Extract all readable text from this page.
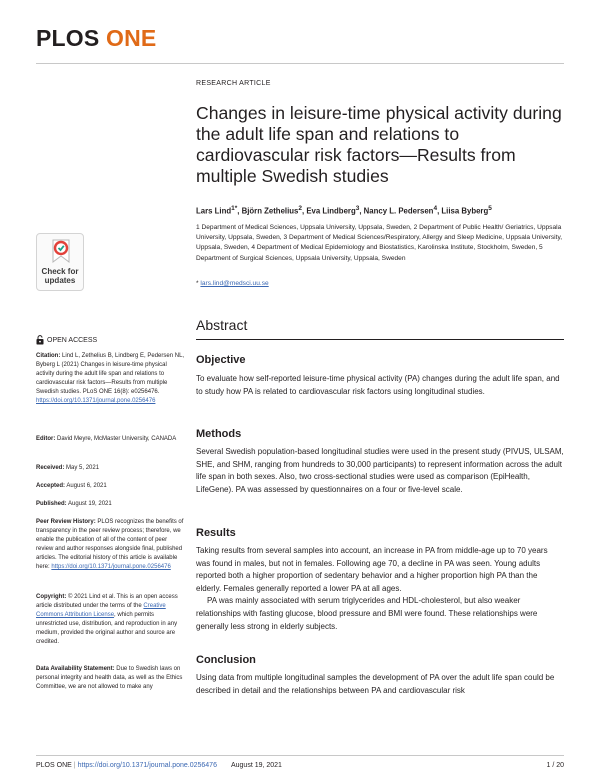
PLOS ONE
Check for
updates
OPEN ACCESS
Citation: Lind L, Zethelius B, Lindberg E, Pedersen NL, Byberg L (2021) Changes in leisure-time physical activity during the adult life span and relations to cardiovascular risk factors—Results from multiple Swedish studies. PLoS ONE 16(8): e0256476. https://doi.org/10.1371/journal.pone.0256476
Editor: David Meyre, McMaster University, CANADA
Received: May 5, 2021
Accepted: August 6, 2021
Published: August 19, 2021
Peer Review History: PLOS recognizes the benefits of transparency in the peer review process; therefore, we enable the publication of all of the content of peer review and author responses alongside final, published articles. The editorial history of this article is available here: https://doi.org/10.1371/journal.pone.0256476
Copyright: © 2021 Lind et al. This is an open access article distributed under the terms of the Creative Commons Attribution License, which permits unrestricted use, distribution, and reproduction in any medium, provided the original author and source are credited.
Data Availability Statement: Due to Swedish laws on personal integrity and health data, as well as the Ethics Committee, we are not allowed to make any
RESEARCH ARTICLE
Changes in leisure-time physical activity during the adult life span and relations to cardiovascular risk factors—Results from multiple Swedish studies
Lars Lind$^{1*}$, Björn Zethelius$^2$, Eva Lindberg$^3$, Nancy L. Pedersen$^4$, Liisa Byberg$^5$
1 Department of Medical Sciences, Uppsala University, Uppsala, Sweden, 2 Department of Public Health/ Geriatrics, Uppsala University, Uppsala, Sweden, 3 Department of Medical Sciences/Respiratory, Allergy and Sleep Medicine, Uppsala University, Uppsala, Sweden, 4 Department of Medical Epidemiology and Biostatistics, Karolinska Institute, Stockholm, Sweden, 5 Department of Surgical Sciences, Uppsala University, Uppsala, Sweden
* lars.lind@medsci.uu.se
Abstract
Objective
To evaluate how self-reported leisure-time physical activity (PA) changes during the adult life span, and to study how PA is related to cardiovascular risk factors using longitudinal studies.
Methods
Several Swedish population-based longitudinal studies were used in the present study (PIVUS, ULSAM, SHE, and SHM, ranging from hundreds to 30,000 participants) to represent information across the adult life span in both sexes. Also, two cross-sectional studies were used as comparison (EpiHealth, LifeGene). PA was assessed by questionnaires on a four or five-level scale.
Results

Taking results from several samples into account, an increase in PA from middle-age up to 70 years was found in males, but not in females. Following age 70, a decline in PA was seen. Young adults reported both a higher proportion of sedentary behavior and a higher proportion high PA than the elderly. Females generally reported a lower PA at all ages.

PA was mainly associated with serum triglycerides and HDL-cholesterol, but also weaker relationships with fasting glucose, blood pressure and BMI were found. These relationships were generally less strong in elderly subjects.

Conclusion
Using data from multiple longitudinal samples the development of PA over the adult life span could be described in detail and the relationships between PA and cardiovascular risk
PLOS ONE | https://doi.org/10.1371/journal.pone.0256476 August 19, 2021	1 / 20
